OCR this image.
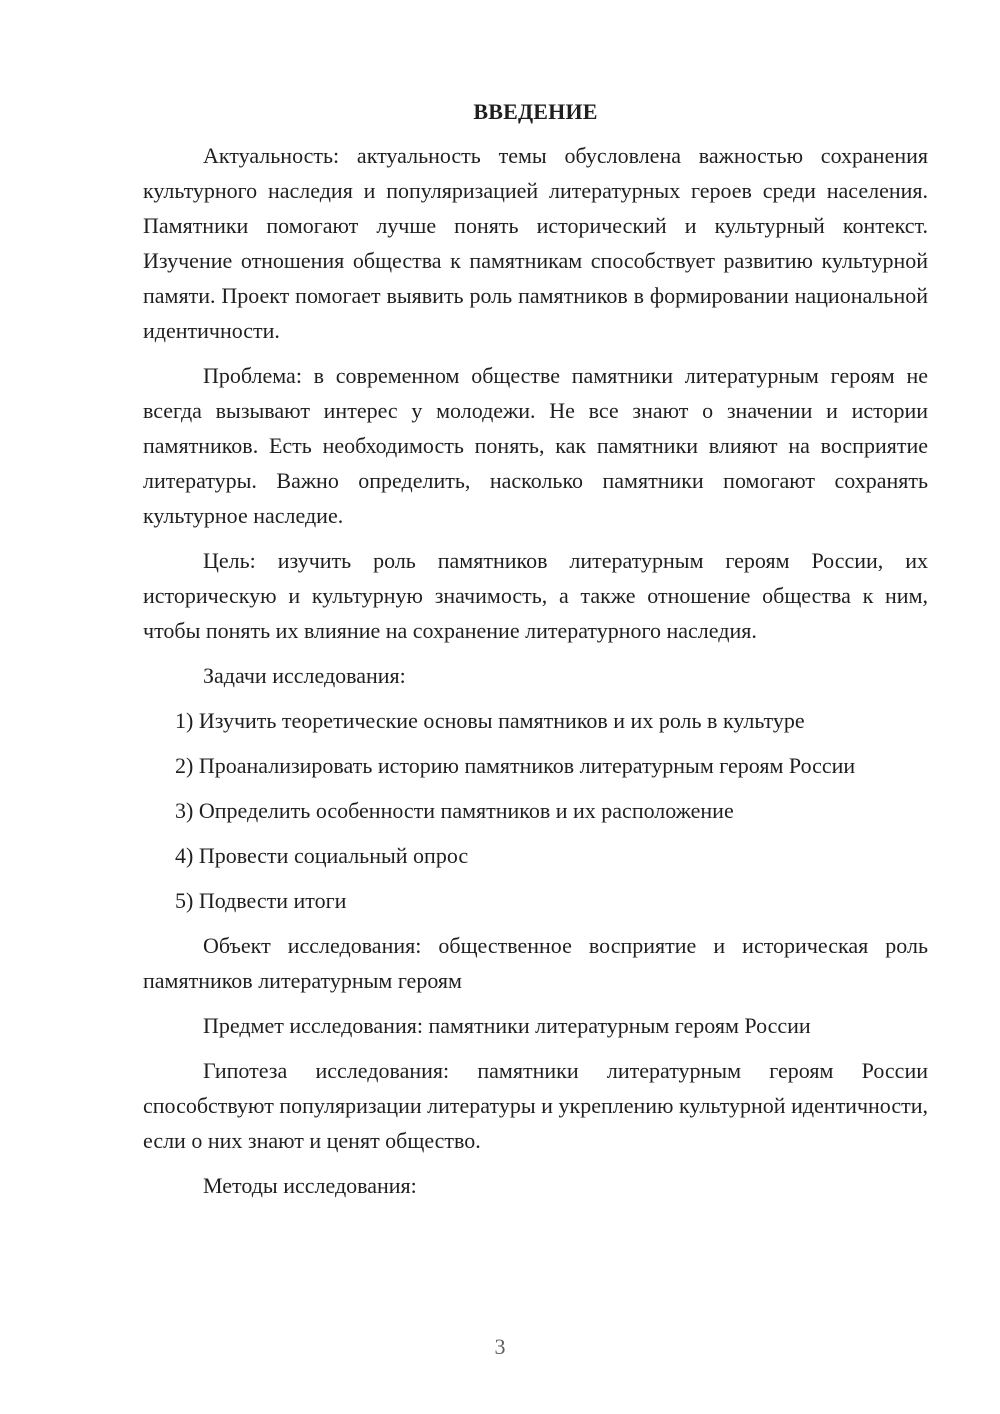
ВВЕДЕНИЕ

Актуальность: актуальность темы обусловлена важностью сохранения культурного наследия и популяризацией литературных героев среди населения. Памятники помогают лучше понять исторический и культурный контекст. Изучение отношения общества к памятникам способствует развитию культурной памяти. Проект помогает выявить роль памятников в формировании национальной идентичности.

Проблема: в современном обществе памятники литературным героям не всегда вызывают интерес у молодежи. Не все знают о значении и истории памятников. Есть необходимость понять, как памятники влияют на восприятие литературы. Важно определить, насколько памятники помогают сохранять культурное наследие.

Цель: изучить роль памятников литературным героям России, их историческую и культурную значимость, а также отношение общества к ним, чтобы понять их влияние на сохранение литературного наследия.

Задачи исследования:

1) Изучить теоретические основы памятников и их роль в культуре

2) Проанализировать историю памятников литературным героям России

3) Определить особенности памятников и их расположение

4) Провести социальный опрос

5) Подвести итоги

Объект исследования: общественное восприятие и историческая роль памятников литературным героям

Предмет исследования: памятники литературным героям России

Гипотеза исследования: памятники литературным героям России способствуют популяризации литературы и укреплению культурной идентичности, если о них знают и ценят общество.

Методы исследования:

3
